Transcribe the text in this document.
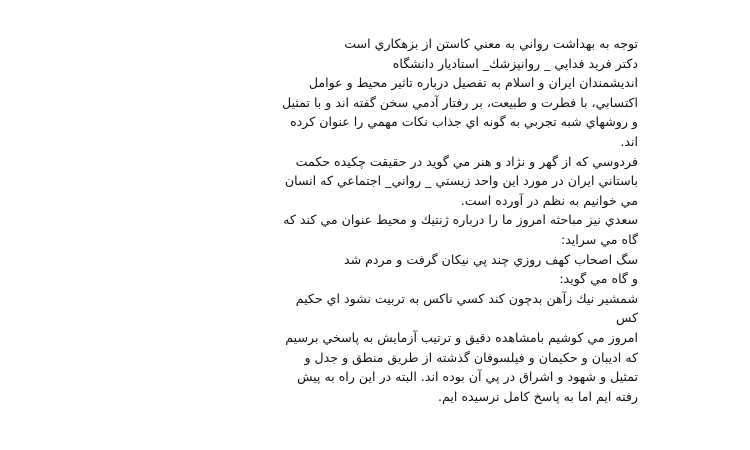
توجه به بهداشت رواني به معني كاستن از بزهكاري است
دكتر فريد فدايي _ روانپزشك_ استاديار دانشگاه
انديشمندان ايران و اسلام به تفصيل درباره تاثير محيط و عوامل
اكتسابي، با فطرت و طبيعت، بر رفتار آدمي سخن گفته اند و با تمثيل
و روشهاي شبه تجربي به گونه اي جذاب نكات مهمي را عنوان كرده
اند.
فردوسي كه از گهر و نژاد و هنر مي گويد در حقيقت چكيده حكمت
باستاني ايران در مورد اين واحد زيستي _ رواني_ اجتماعي كه انسان
مي خوانيم به نظم در آورده است.
سعدي نيز مباحثه امروز ما را درباره ژنتيك و محيط عنوان مي كند كه
گاه مي سرايد:
سگ اصحاب كهف روزي چند پي نيكان گرفت و مردم شد
و گاه مي گويد:
شمشير نيك زآهن بدچون كند كسي ناكس به تربيت نشود اي حكيم
كس
امروز مي كوشيم بامشاهده دقيق و ترتيب آزمايش به پاسخي برسيم
كه اديبان و حكيمان و فيلسوفان گذشته از طريق منطق و جدل و
تمثيل و شهود و اشراق در پي آن بوده اند. البته در اين راه به پيش
رفته ايم اما به پاسخ كامل نرسيده ايم.
